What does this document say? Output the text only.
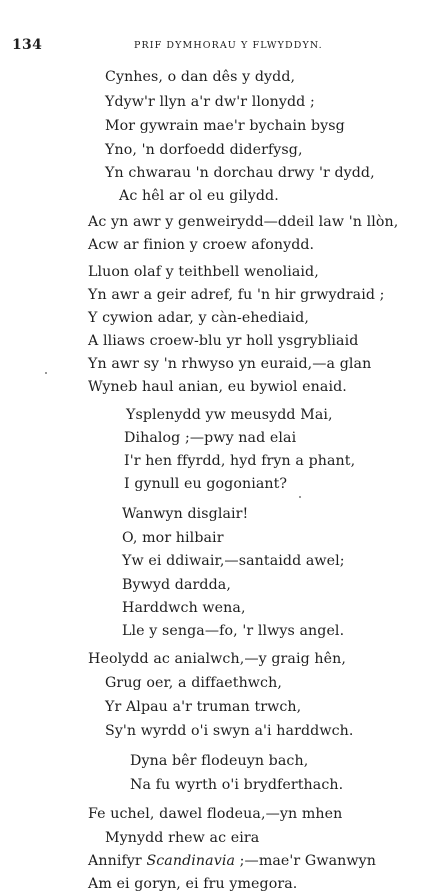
134	PRIF DYMHORAU Y FLWYDDYN.
Cynhes, o dan dês y dydd,
Ydyw'r llyn a'r dw'r llonydd ;
Mor gywrain mae'r bychain bysg
Yno, 'n dorfoedd diderfysg,
Yn chwarau 'n dorchau drwy 'r dydd,
Ac hêl ar ol eu gilydd.
Ac yn awr y genweirydd—ddeil law 'n llòn,
Acw ar finion y croew afonydd.
Lluon olaf y teithbell wenoliaid,
Yn awr a geir adref, fu 'n hir grwydraid ;
Y cywion adar, y càn-ehediaid,
A lliaws croew-blu yr holl ysgrybliaid
Yn awr sy 'n rhwyso yn euraid,—a glan
Wyneb haul anian, eu bywiol enaid.
Ysplenydd yw meusydd Mai,
Dihalog ;—pwy nad elai
I'r hen ffyrdd, hyd fryn a phant,
I gynull eu gogoniant?
Wanwyn disglair!
O, mor hilbair
Yw ei ddiwair,—santaidd awel;
Bywyd dardda,
Harddwch wena,
Lle y senga—fo, 'r llwys angel.
Heolydd ac anialwch,—y graig hên,
Grug oer, a diffaethwch,
Yr Alpau a'r truman trwch,
Sy'n wyrdd o'i swyn a'i harddwch.
Dyna bêr flodeuyn bach,
Na fu wyrth o'i brydferthach.
Fe uchel, dawel flodeua,—yn mhen
Mynydd rhew ac eira
Annifyr Scandinavia ;—mae'r Gwanwyn
Am ei goryn, ei fru ymegora.
